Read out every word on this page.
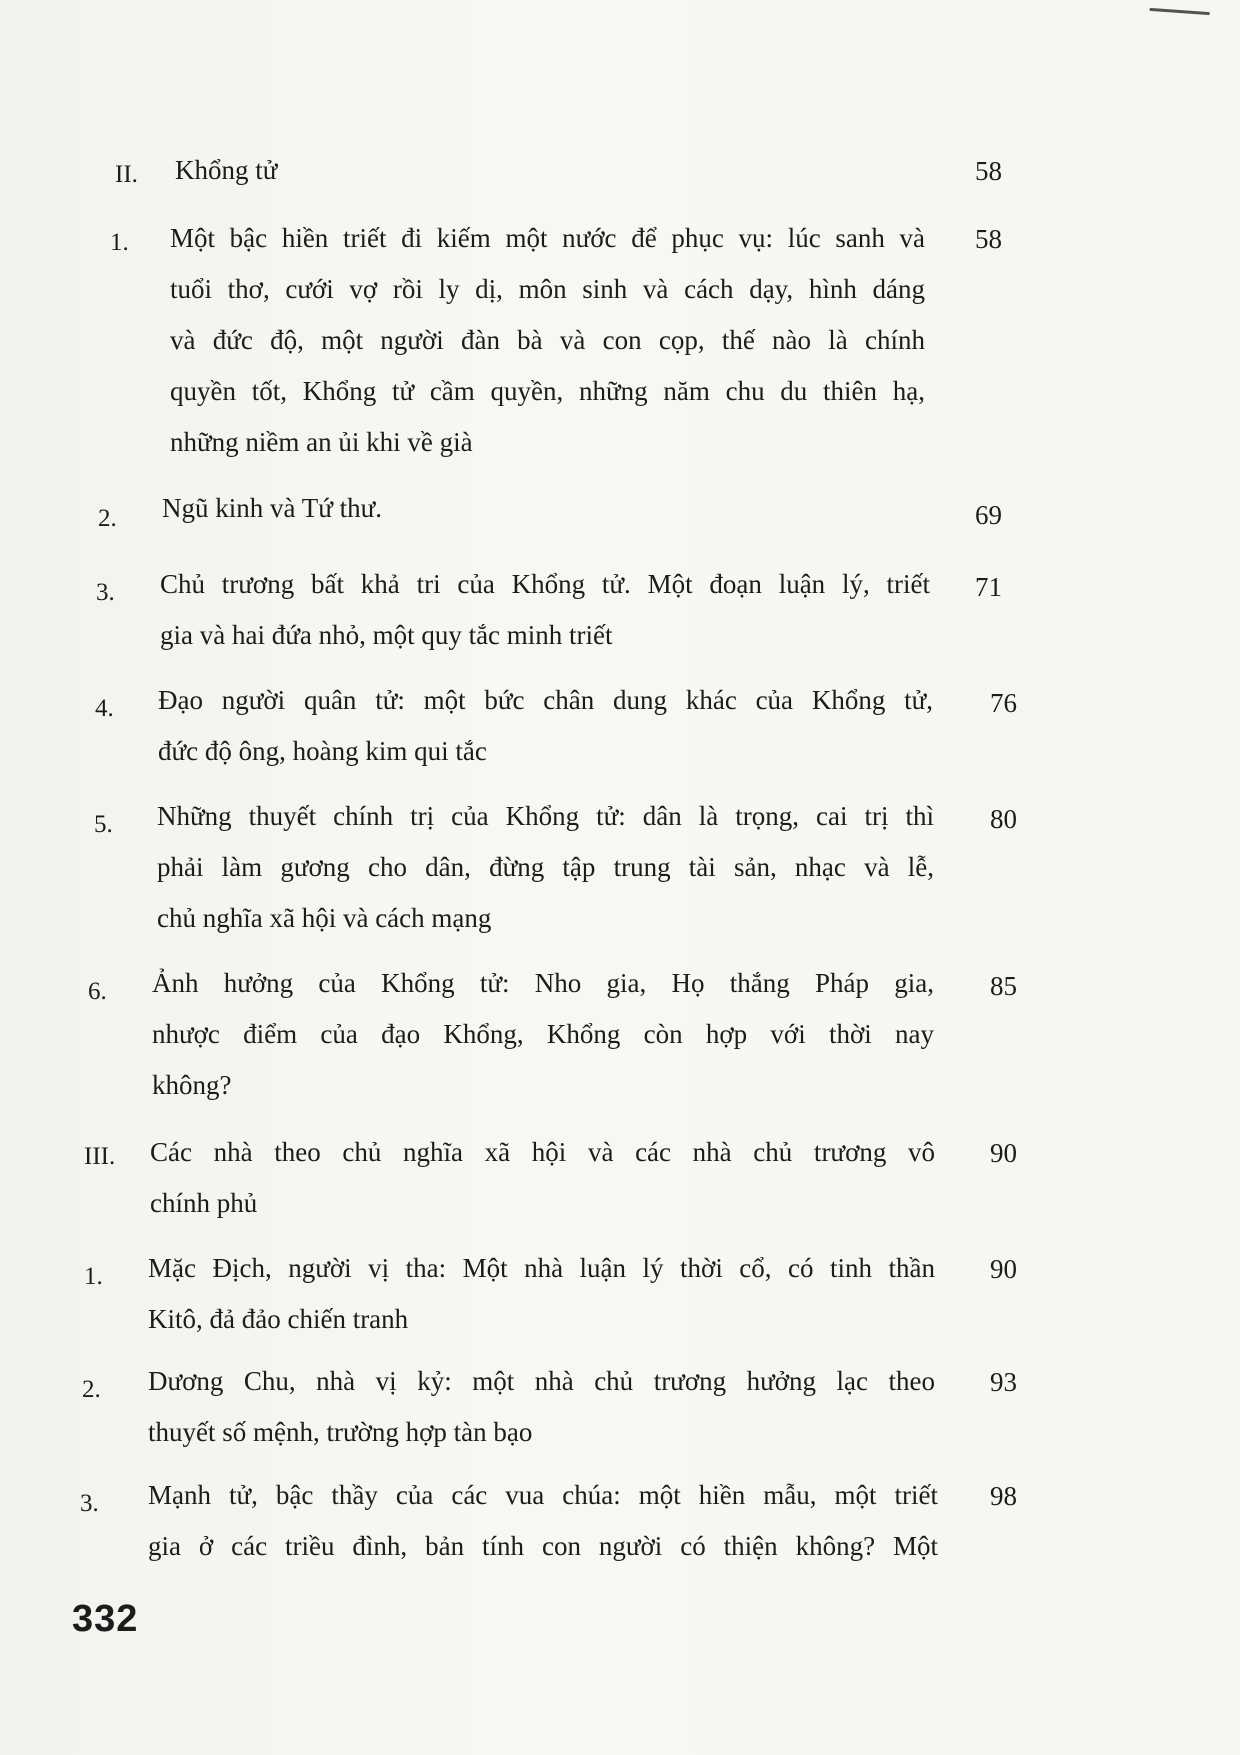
II. Khổng tử	58
1. Một bậc hiền triết đi kiếm một nước để phục vụ: lúc sanh và
tuổi thơ, cưới vợ rồi ly dị, môn sinh và cách dạy, hình dáng
và đức độ, một người đàn bà và con cọp, thế nào là chính
quyền tốt, Khổng tử cầm quyền, những năm chu du thiên hạ,
những niềm an ủi khi về già
58
2. Ngũ kinh và Tứ thư.	69
3. Chủ trương bất khả tri của Khổng tử. Một đoạn luận lý, triết
gia và hai đứa nhỏ, một quy tắc minh triết
71
4. Đạo người quân tử: một bức chân dung khác của Khổng tử,
đức độ ông, hoàng kim qui tắc
76
5. Những thuyết chính trị của Khổng tử: dân là trọng, cai trị thì
phải làm gương cho dân, đừng tập trung tài sản, nhạc và lễ,
chủ nghĩa xã hội và cách mạng
80
6. Ảnh hưởng của Khổng tử: Nho gia, Họ thắng Pháp gia,
nhược điểm của đạo Khổng, Khổng còn hợp với thời nay
không?
85
III. Các nhà theo chủ nghĩa xã hội và các nhà chủ trương vô
chính phủ
90
1. Mặc Địch, người vị tha: Một nhà luận lý thời cổ, có tinh thần
Kitô, đả đảo chiến tranh
90
2. Dương Chu, nhà vị kỷ: một nhà chủ trương hưởng lạc theo
thuyết số mệnh, trường hợp tàn bạo
93
3. Mạnh tử, bậc thầy của các vua chúa: một hiền mẫu, một triết
gia ở các triều đình, bản tính con người có thiện không? Một
98
332
